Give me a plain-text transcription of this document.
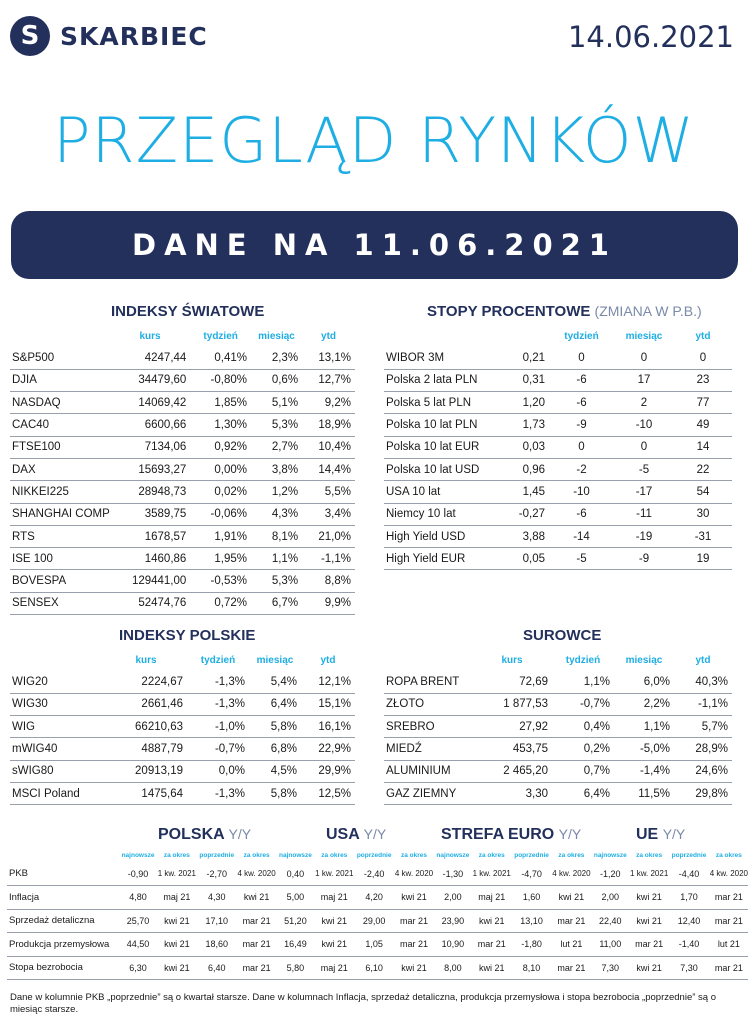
S SKARBIEC	14.06.2021
PRZEGLĄD RYNKÓW
DANE NA 11.06.2021
INDEKSY ŚWIATOWE
	kurs	tydzień	miesiąc	ytd
S&P500	4247,44	0,41%	2,3%	13,1%
DJIA	34479,60	-0,80%	0,6%	12,7%
NASDAQ	14069,42	1,85%	5,1%	9,2%
CAC40	6600,66	1,30%	5,3%	18,9%
FTSE100	7134,06	0,92%	2,7%	10,4%
DAX	15693,27	0,00%	3,8%	14,4%
NIKKEI225	28948,73	0,02%	1,2%	5,5%
SHANGHAI COMP	3589,75	-0,06%	4,3%	3,4%
RTS	1678,57	1,91%	8,1%	21,0%
ISE 100	1460,86	1,95%	1,1%	-1,1%
BOVESPA	129441,00	-0,53%	5,3%	8,8%
SENSEX	52474,76	0,72%	6,7%	9,9%
STOPY PROCENTOWE (ZMIANA W P.B.)
		tydzień	miesiąc	ytd
WIBOR 3M	0,21	0	0	0
Polska 2 lata PLN	0,31	-6	17	23
Polska 5 lat PLN	1,20	-6	2	77
Polska 10 lat PLN	1,73	-9	-10	49
Polska 10 lat EUR	0,03	0	0	14
Polska 10 lat USD	0,96	-2	-5	22
USA 10 lat	1,45	-10	-17	54
Niemcy 10 lat	-0,27	-6	-11	30
High Yield USD	3,88	-14	-19	-31
High Yield EUR	0,05	-5	-9	19
INDEKSY POLSKIE
	kurs	tydzień	miesiąc	ytd
WIG20	2224,67	-1,3%	5,4%	12,1%
WIG30	2661,46	-1,3%	6,4%	15,1%
WIG	66210,63	-1,0%	5,8%	16,1%
mWIG40	4887,79	-0,7%	6,8%	22,9%
sWIG80	20913,19	0,0%	4,5%	29,9%
MSCI Poland	1475,64	-1,3%	5,8%	12,5%
SUROWCE
	kurs	tydzień	miesiąc	ytd
ROPA BRENT	72,69	1,1%	6,0%	40,3%
ZŁOTO	1 877,53	-0,7%	2,2%	-1,1%
SREBRO	27,92	0,4%	1,1%	5,7%
MIEDŹ	453,75	0,2%	-5,0%	28,9%
ALUMINIUM	2 465,20	0,7%	-1,4%	24,6%
GAZ ZIEMNY	3,30	6,4%	11,5%	29,8%
POLSKA Y/Y	USA Y/Y	STREFA EURO Y/Y	UE Y/Y
	najnowsze	za okres	poprzednie	za okres	najnowsze	za okres	poprzednie	za okres	najnowsze	za okres	poprzednie	za okres	najnowsze	za okres	poprzednie	za okres
PKB	-0,90	1 kw. 2021	-2,70	4 kw. 2020	0,40	1 kw. 2021	-2,40	4 kw. 2020	-1,30	1 kw. 2021	-4,70	4 kw. 2020	-1,20	1 kw. 2021	-4,40	4 kw. 2020
Inflacja	4,80	maj 21	4,30	kwi 21	5,00	maj 21	4,20	kwi 21	2,00	maj 21	1,60	kwi 21	2,00	kwi 21	1,70	mar 21
Sprzedaż detaliczna	25,70	kwi 21	17,10	mar 21	51,20	kwi 21	29,00	mar 21	23,90	kwi 21	13,10	mar 21	22,40	kwi 21	12,40	mar 21
Produkcja przemysłowa	44,50	kwi 21	18,60	mar 21	16,49	kwi 21	1,05	mar 21	10,90	mar 21	-1,80	lut 21	11,00	mar 21	-1,40	lut 21
Stopa bezrobocia	6,30	kwi 21	6,40	mar 21	5,80	maj 21	6,10	kwi 21	8,00	kwi 21	8,10	mar 21	7,30	kwi 21	7,30	mar 21
Dane w kolumnie PKB „poprzednie” są o kwartał starsze. Dane w kolumnach Inflacja, sprzedaż detaliczna, produkcja przemysłowa i stopa bezrobocia „poprzednie” są o miesiąc starsze.
